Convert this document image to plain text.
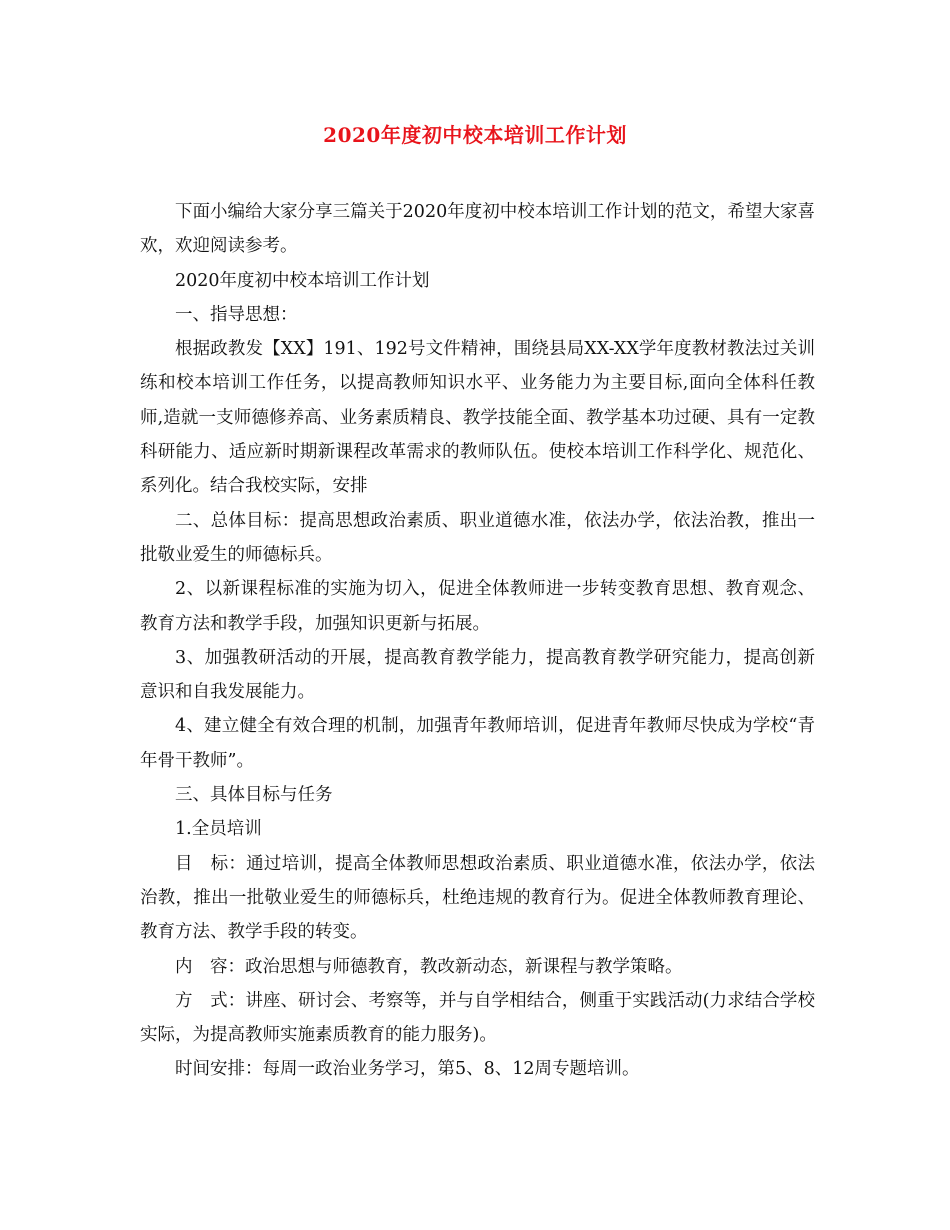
2020年度初中校本培训工作计划

下面小编给大家分享三篇关于2020年度初中校本培训工作计划的范文，希望大家喜欢，欢迎阅读参考。

2020年度初中校本培训工作计划

一、指导思想：

根据政教发【XX】191、192号文件精神，围绕县局XX-XX学年度教材教法过关训练和校本培训工作任务，以提高教师知识水平、业务能力为主要目标,面向全体科任教师,造就一支师德修养高、业务素质精良、教学技能全面、教学基本功过硬、具有一定教科研能力、适应新时期新课程改革需求的教师队伍。使校本培训工作科学化、规范化、系列化。结合我校实际，安排

二、总体目标：提高思想政治素质、职业道德水准，依法办学，依法治教，推出一批敬业爱生的师德标兵。

2、以新课程标准的实施为切入，促进全体教师进一步转变教育思想、教育观念、教育方法和教学手段，加强知识更新与拓展。

3、加强教研活动的开展，提高教育教学能力，提高教育教学研究能力，提高创新意识和自我发展能力。

4、建立健全有效合理的机制，加强青年教师培训，促进青年教师尽快成为学校“青年骨干教师”。

三、具体目标与任务

1.全员培训

目　标：通过培训，提高全体教师思想政治素质、职业道德水准，依法办学，依法治教，推出一批敬业爱生的师德标兵，杜绝违规的教育行为。促进全体教师教育理论、教育方法、教学手段的转变。

内　容：政治思想与师德教育，教改新动态，新课程与教学策略。

方　式：讲座、研讨会、考察等，并与自学相结合，侧重于实践活动(力求结合学校实际，为提高教师实施素质教育的能力服务)。

时间安排：每周一政治业务学习，第5、8、12周专题培训。
